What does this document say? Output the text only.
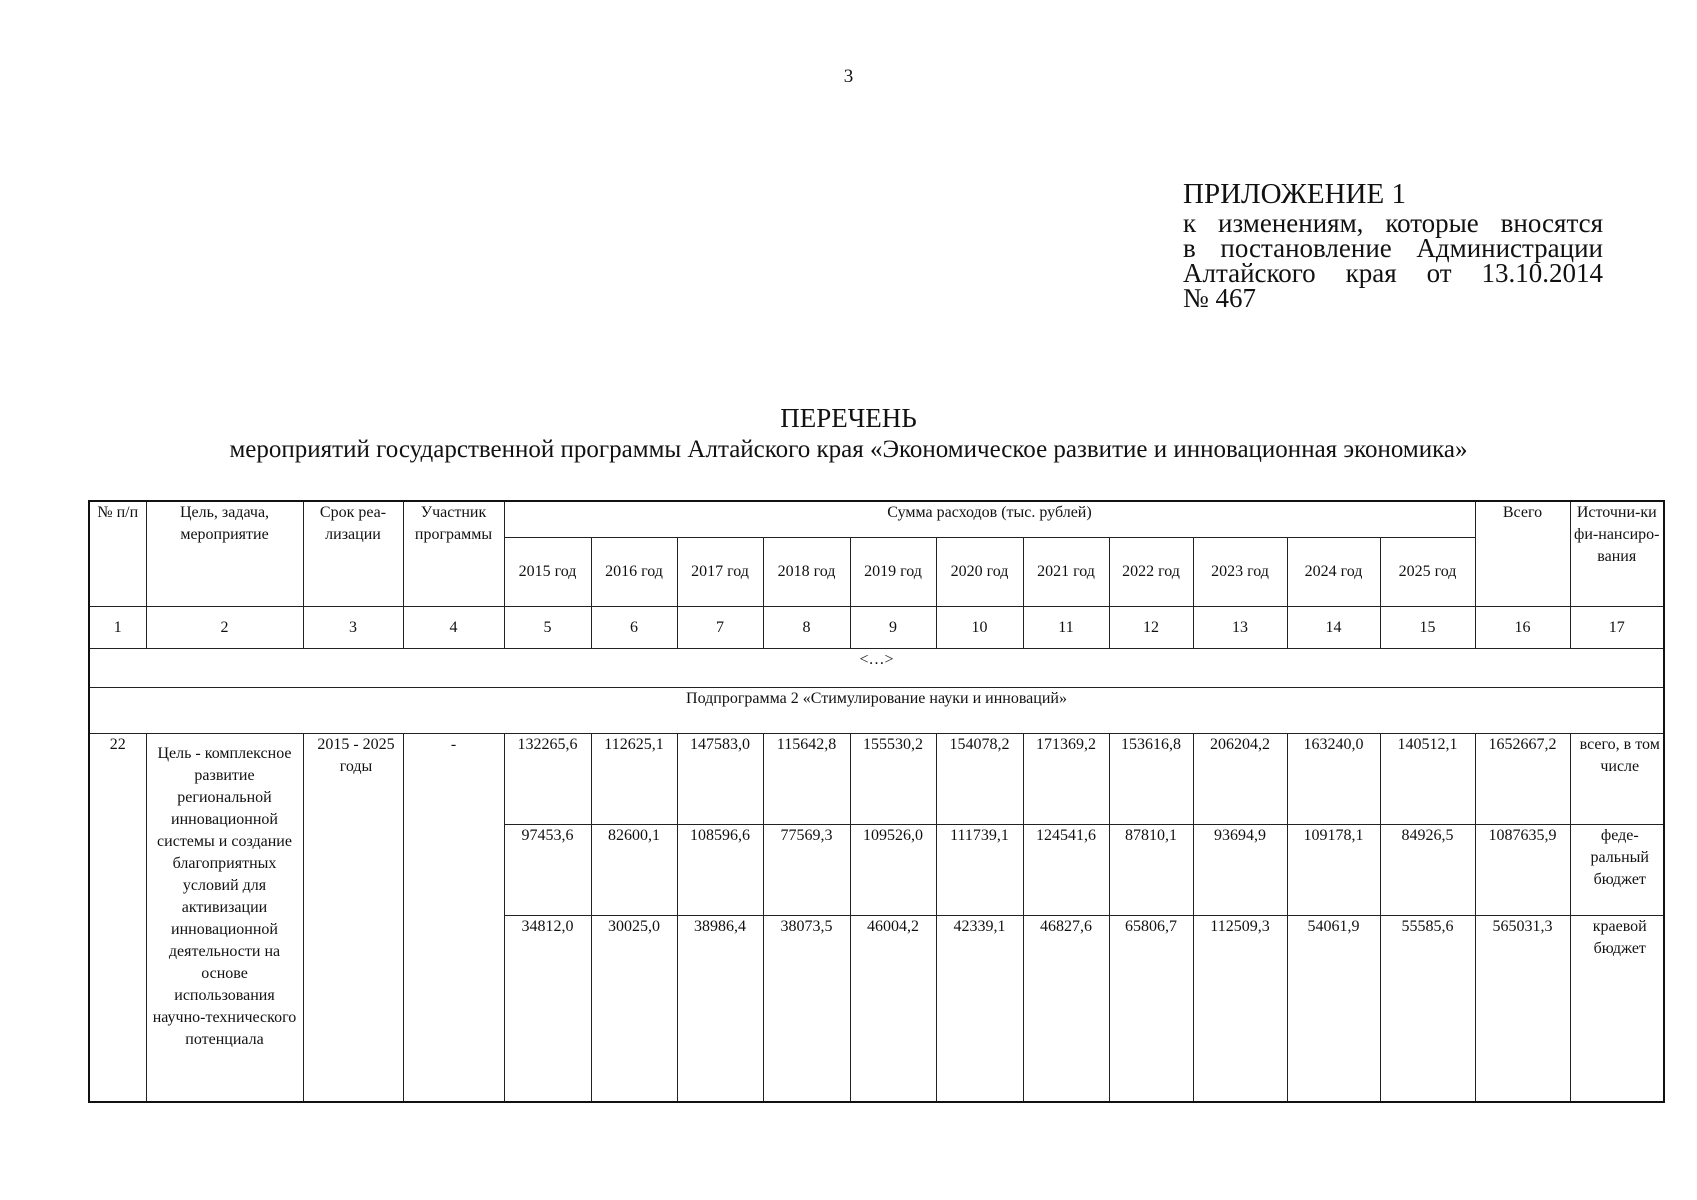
3
ПРИЛОЖЕНИЕ 1
к изменениям, которые вносятся
в постановление Администрации
Алтайского края от 13.10.2014
№ 467
ПЕРЕЧЕНЬ
мероприятий государственной программы Алтайского края «Экономическое развитие и инновационная экономика»
№ п/п	Цель, задача, мероприятие	Срок реа-лизации	Участник программы	Сумма расходов (тыс. рублей)											Всего	Источни-ки фи-нансиро-вания
				2015 год	2016 год	2017 год	2018 год	2019 год	2020 год	2021 год	2022 год	2023 год	2024 год	2025 год		
1	2	3	4	5	6	7	8	9	10	11	12	13	14	15	16	17
<…>																
Подпрограмма 2 «Стимулирование науки и инноваций»																
22	Цель - комплексное развитие региональной инновационной системы и создание благоприятных условий для активизации инновационной деятельности на основе использования научно-технического потенциала	2015 - 2025 годы	-	132265,6	112625,1	147583,0	115642,8	155530,2	154078,2	171369,2	153616,8	206204,2	163240,0	140512,1	1652667,2	всего, в том числе
				97453,6	82600,1	108596,6	77569,3	109526,0	111739,1	124541,6	87810,1	93694,9	109178,1	84926,5	1087635,9	феде-ральный бюджет
				34812,0	30025,0	38986,4	38073,5	46004,2	42339,1	46827,6	65806,7	112509,3	54061,9	55585,6	565031,3	краевой бюджет
